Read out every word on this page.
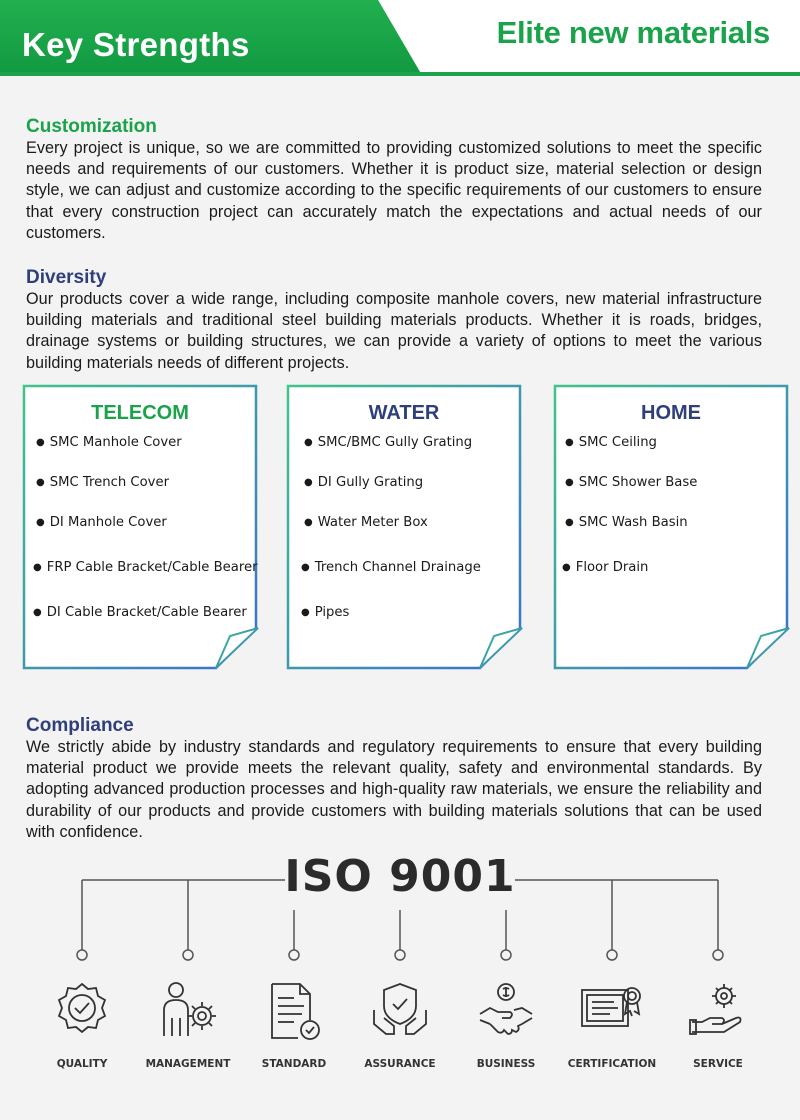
Key Strengths	Elite new materials
Customization
Every project is unique, so we are committed to providing customized solutions to meet the specific needs and requirements of our customers. Whether it is product size, material selection or design style, we can adjust and customize according to the specific requirements of our customers to ensure that every construction project can accurately match the expectations and actual needs of our customers.
Diversity
Our products cover a wide range, including composite manhole covers, new material infrastructure building materials and traditional steel building materials products. Whether it is roads, bridges, drainage systems or building structures, we can provide a variety of options to meet the various building materials needs of different projects.
TELECOM
● SMC Manhole Cover
● SMC Trench Cover
● DI Manhole Cover
● FRP Cable Bracket/Cable Bearer
● DI Cable Bracket/Cable Bearer
WATER
● SMC/BMC Gully Grating
● DI Gully Grating
● Water Meter Box
● Trench Channel Drainage
● Pipes
HOME
● SMC Ceiling
● SMC Shower Base
● SMC Wash Basin
● Floor Drain
Compliance
We strictly abide by industry standards and regulatory requirements to ensure that every building material product we provide meets the relevant quality, safety and environmental standards. By adopting advanced production processes and high-quality raw materials, we ensure the reliability and durability of our products and provide customers with building materials solutions that can be used with confidence.
ISO 9001
QUALITY	MANAGEMENT	STANDARD	ASSURANCE	BUSINESS	CERTIFICATION	SERVICE
